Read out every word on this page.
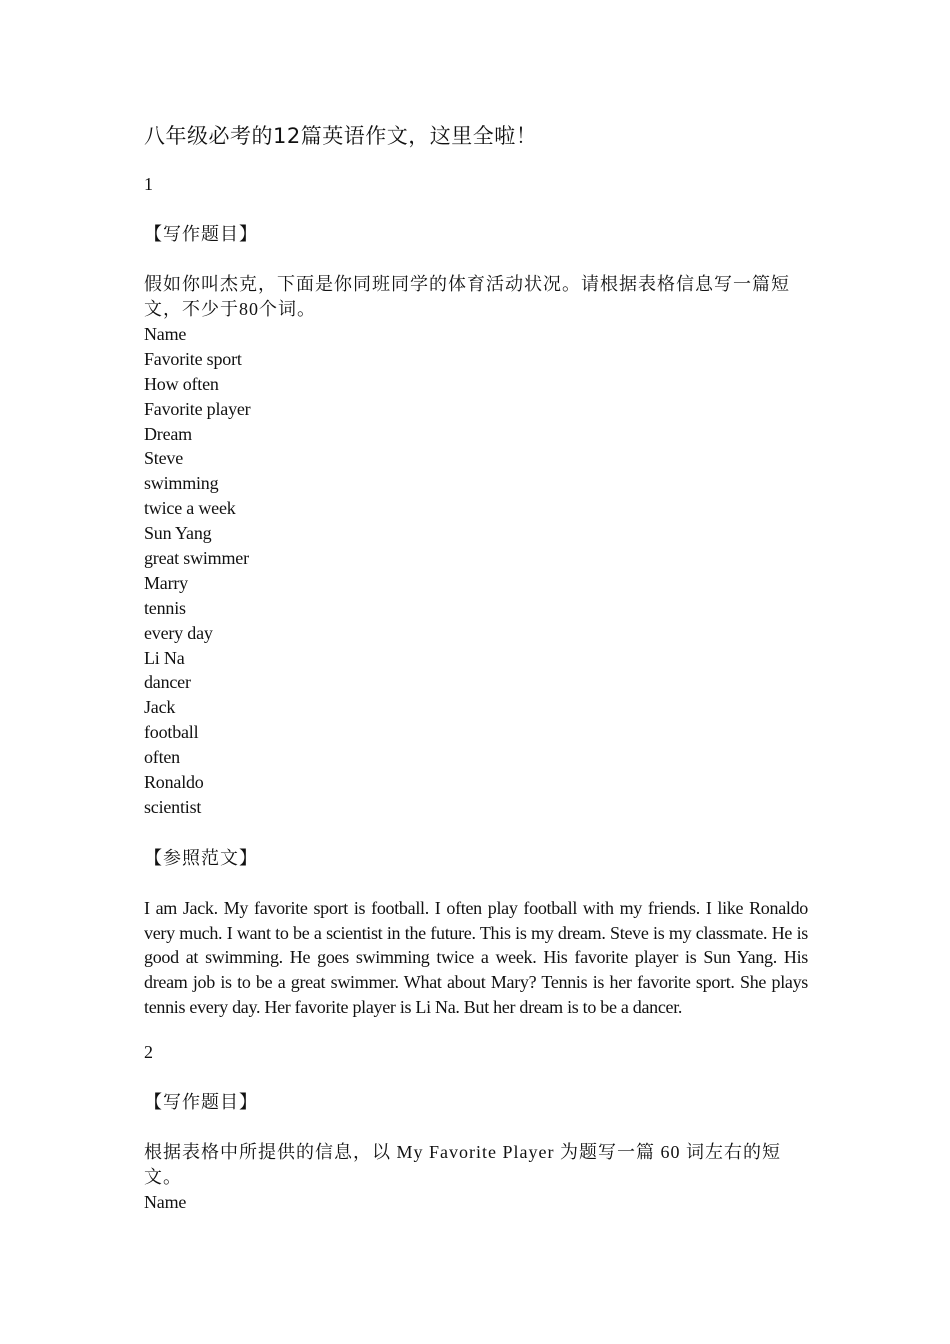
八年级必考的12篇英语作文，这里全啦！
1
【写作题目】
假如你叫杰克，下面是你同班同学的体育活动状况。请根据表格信息写一篇短文，不少于80个词。
Name
Favorite sport
How often
Favorite player
Dream
Steve
swimming
twice a week
Sun Yang
great swimmer
Marry
tennis
every day
Li Na
dancer
Jack
football
often
Ronaldo
scientist
【参照范文】
I am Jack. My favorite sport is football. I often play football with my friends. I like Ronaldo very much. I want to be a scientist in the future. This is my dream. Steve is my classmate. He is good at swimming. He goes swimming twice a week. His favorite player is Sun Yang. His dream job is to be a great swimmer. What about Mary? Tennis is her favorite sport. She plays tennis every day. Her favorite player is Li Na. But her dream is to be a dancer.
2
【写作题目】
根据表格中所提供的信息，以 My Favorite Player 为题写一篇 60 词左右的短文。
Name
